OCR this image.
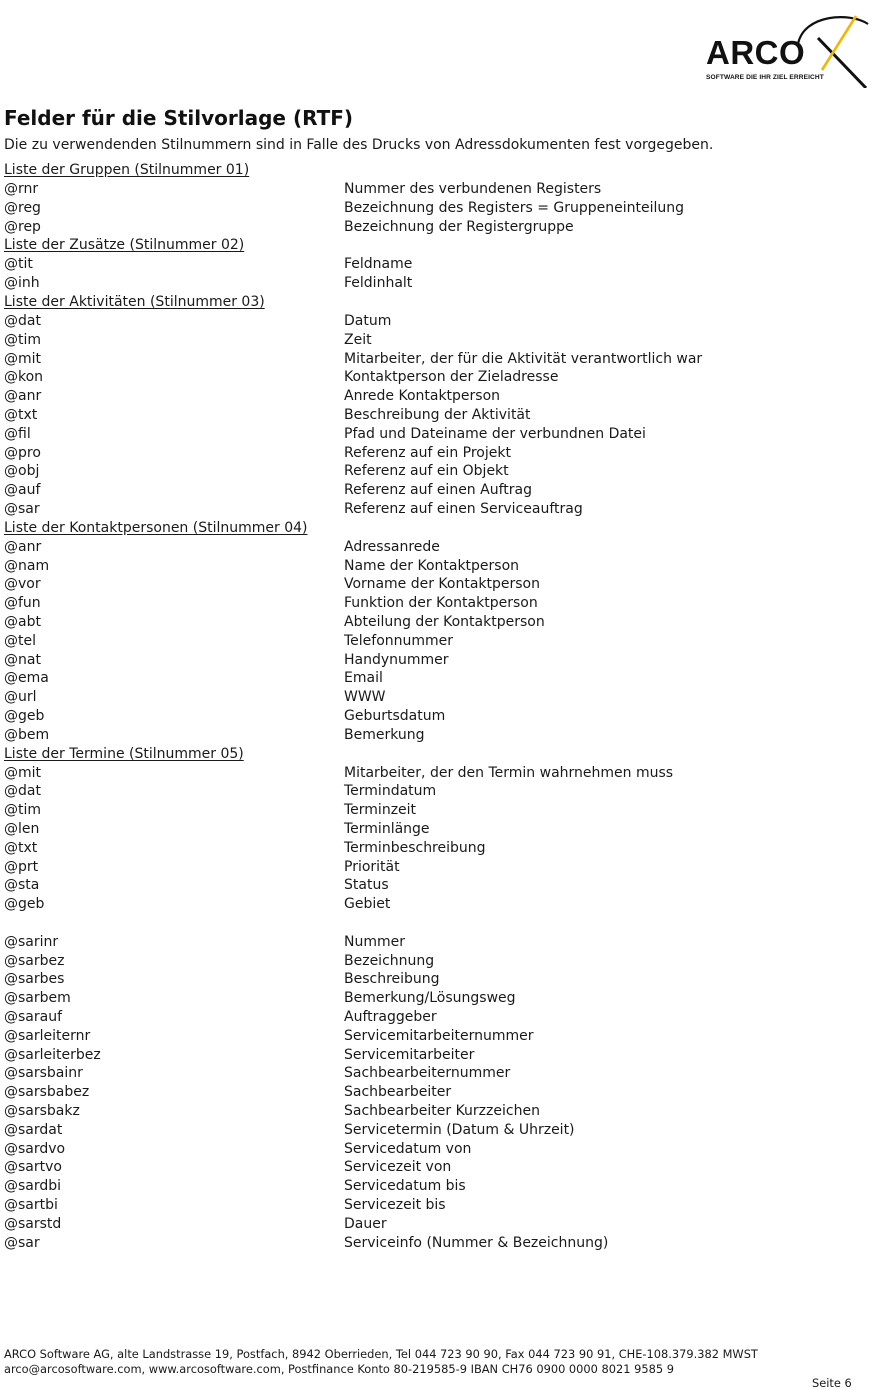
ARCO
SOFTWARE DIE IHR ZIEL ERREICHT
Felder für die Stilvorlage (RTF)
Die zu verwendenden Stilnummern sind in Falle des Drucks von Adressdokumenten fest vorgegeben.
Liste der Gruppen (Stilnummer 01)
@rnr	Nummer des verbundenen Registers
@reg	Bezeichnung des Registers = Gruppeneinteilung
@rep	Bezeichnung der Registergruppe
Liste der Zusätze (Stilnummer 02)
@tit	Feldname
@inh	Feldinhalt
Liste der Aktivitäten (Stilnummer 03)
@dat	Datum
@tim	Zeit
@mit	Mitarbeiter, der für die Aktivität verantwortlich war
@kon	Kontaktperson der Zieladresse
@anr	Anrede Kontaktperson
@txt	Beschreibung der Aktivität
@fil	Pfad und Dateiname der verbundnen Datei
@pro	Referenz auf ein Projekt
@obj	Referenz auf ein Objekt
@auf	Referenz auf einen Auftrag
@sar	Referenz auf einen Serviceauftrag
Liste der Kontaktpersonen (Stilnummer 04)
@anr	Adressanrede
@nam	Name der Kontaktperson
@vor	Vorname der Kontaktperson
@fun	Funktion der Kontaktperson
@abt	Abteilung der Kontaktperson
@tel	Telefonnummer
@nat	Handynummer
@ema	Email
@url	WWW
@geb	Geburtsdatum
@bem	Bemerkung
Liste der Termine (Stilnummer 05)
@mit	Mitarbeiter, der den Termin wahrnehmen muss
@dat	Termindatum
@tim	Terminzeit
@len	Terminlänge
@txt	Terminbeschreibung
@prt	Priorität
@sta	Status
@geb	Gebiet
@sarinr	Nummer
@sarbez	Bezeichnung
@sarbes	Beschreibung
@sarbem	Bemerkung/Lösungsweg
@sarauf	Auftraggeber
@sarleiternr	Servicemitarbeiternummer
@sarleiterbez	Servicemitarbeiter
@sarsbainr	Sachbearbeiternummer
@sarsbabez	Sachbearbeiter
@sarsbakz	Sachbearbeiter Kurzzeichen
@sardat	Servicetermin (Datum & Uhrzeit)
@sardvo	Servicedatum von
@sartvo	Servicezeit von
@sardbi	Servicedatum bis
@sartbi	Servicezeit bis
@sarstd	Dauer
@sar	Serviceinfo (Nummer & Bezeichnung)
ARCO Software AG, alte Landstrasse 19, Postfach, 8942 Oberrieden, Tel 044 723 90 90, Fax 044 723 90 91, CHE-108.379.382 MWST
arco@arcosoftware.com, www.arcosoftware.com, Postfinance Konto 80-219585-9 IBAN CH76 0900 0000 8021 9585 9
Seite 6
